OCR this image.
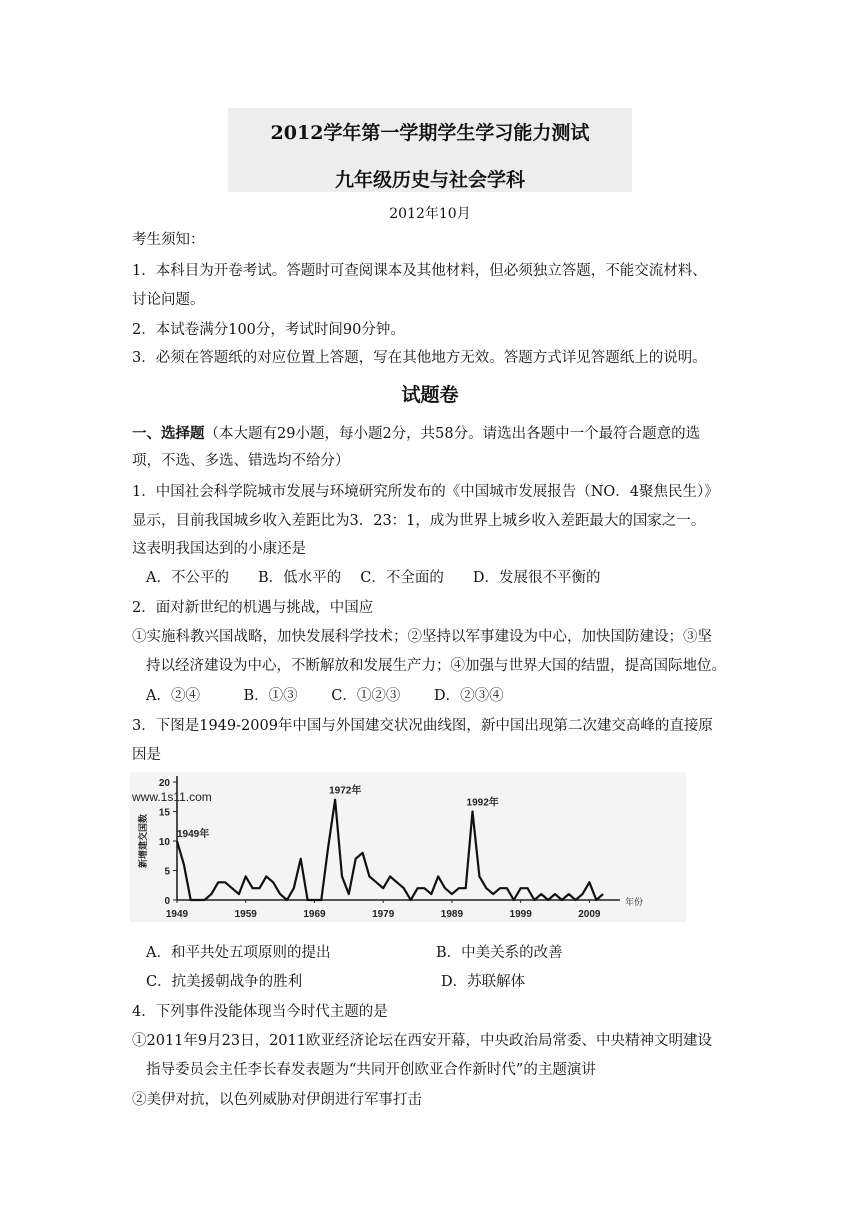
2012学年第一学期学生学习能力测试
九年级历史与社会学科
2012年10月
考生须知：
1．本科目为开卷考试。答题时可查阅课本及其他材料，但必须独立答题，不能交流材料、
讨论问题。
2．本试卷满分100分，考试时间90分钟。
3．必须在答题纸的对应位置上答题，写在其他地方无效。答题方式详见答题纸上的说明。
试题卷
一、选择题（本大题有29小题，每小题2分，共58分。请选出各题中一个最符合题意的选
项，不选、多选、错选均不给分）
1．中国社会科学院城市发展与环境研究所发布的《中国城市发展报告（NO．4聚焦民生）》
显示，目前我国城乡收入差距比为3．23：1，成为世界上城乡收入差距最大的国家之一。
这表明我国达到的小康还是
A．不公平的　　B．低水平的　 C．不全面的　　D．发展很不平衡的
2．面对新世纪的机遇与挑战，中国应
①实施科教兴国战略，加快发展科学技术；②坚持以军事建设为中心，加快国防建设；③坚
持以经济建设为中心，不断解放和发展生产力；④加强与世界大国的结盟，提高国际地位。
A．②④　　　B．①③　　 C．①②③　　 D．②③④
3．下图是1949-2009年中国与外国建交状况曲线图，新中国出现第二次建交高峰的直接原
因是
0
5
10
15
20
1949	1959	1969	1979	1989	1999	2009
年份
新增建交国数
www.1s11.com
1949年
1972年
1992年
A．和平共处五项原则的提出	B．中美关系的改善
C．抗美援朝战争的胜利	D．苏联解体
4．下列事件没能体现当今时代主题的是
①2011年9月23日，2011欧亚经济论坛在西安开幕，中央政治局常委、中央精神文明建设
指导委员会主任李长春发表题为“共同开创欧亚合作新时代”的主题演讲
②美伊对抗，以色列威胁对伊朗进行军事打击
